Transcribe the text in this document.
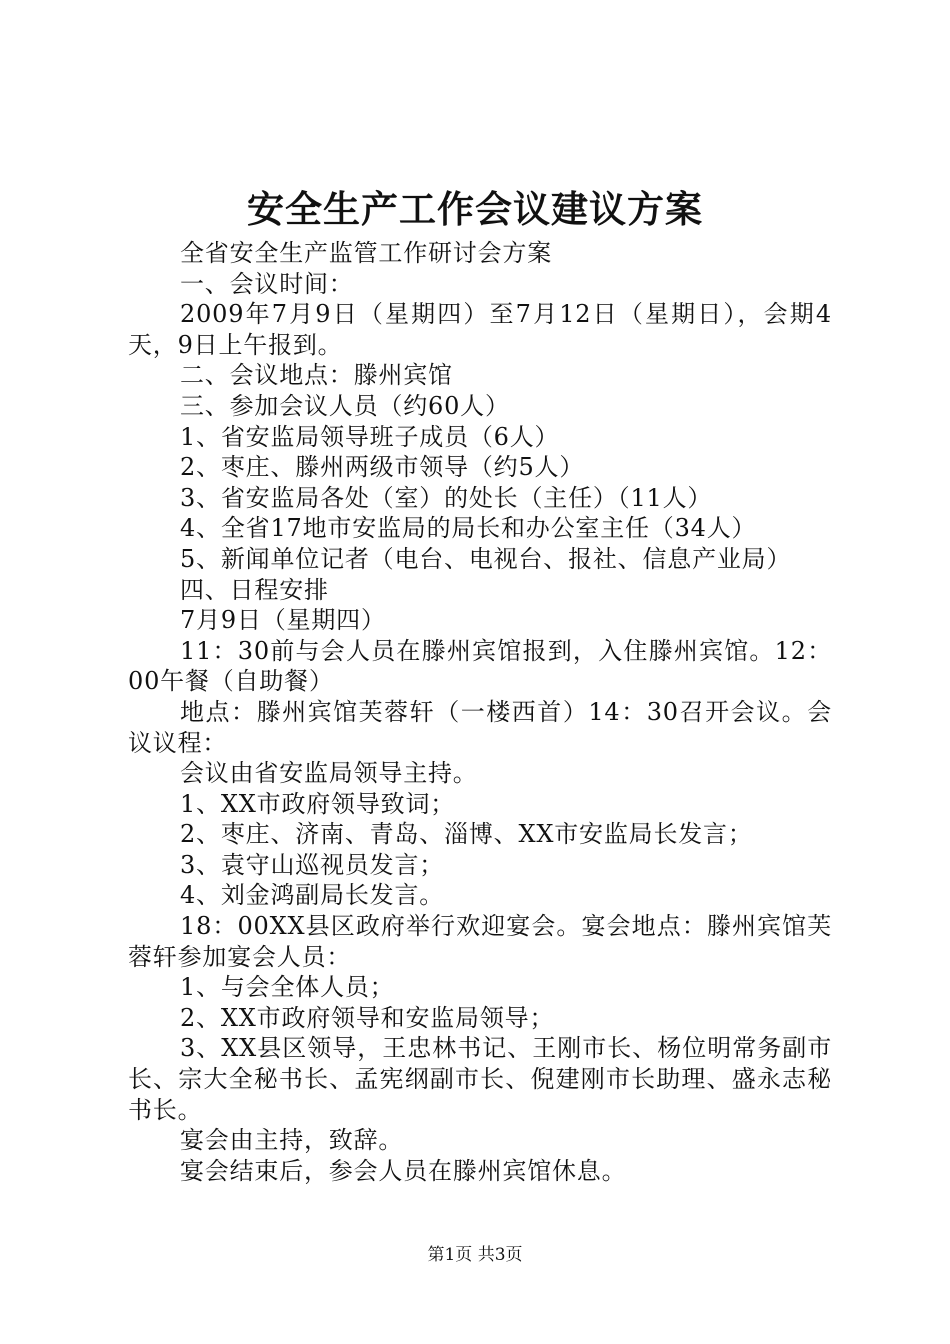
安全生产工作会议建议方案

全省安全生产监管工作研讨会方案

一、会议时间：

2009年7月9日（星期四）至7月12日（星期日），会期4天，9日上午报到。

二、会议地点：滕州宾馆

三、参加会议人员（约60人）

1、省安监局领导班子成员（6人）

2、枣庄、滕州两级市领导（约5人）

3、省安监局各处（室）的处长（主任）（11人）

4、全省17地市安监局的局长和办公室主任（34人）

5、新闻单位记者（电台、电视台、报社、信息产业局）

四、日程安排

7月9日（星期四）

11：30前与会人员在滕州宾馆报到，入住滕州宾馆。12：00午餐（自助餐）

地点：滕州宾馆芙蓉轩（一楼西首）14：30召开会议。会议议程：

会议由省安监局领导主持。

1、XX市政府领导致词；

2、枣庄、济南、青岛、淄博、XX市安监局长发言；

3、袁守山巡视员发言；

4、刘金鸿副局长发言。

18：00XX县区政府举行欢迎宴会。宴会地点：滕州宾馆芙蓉轩参加宴会人员：

1、与会全体人员；

2、XX市政府领导和安监局领导；

3、XX县区领导，王忠林书记、王刚市长、杨位明常务副市长、宗大全秘书长、孟宪纲副市长、倪建刚市长助理、盛永志秘书长。

宴会由主持，致辞。

宴会结束后，参会人员在滕州宾馆休息。

第1页 共3页
